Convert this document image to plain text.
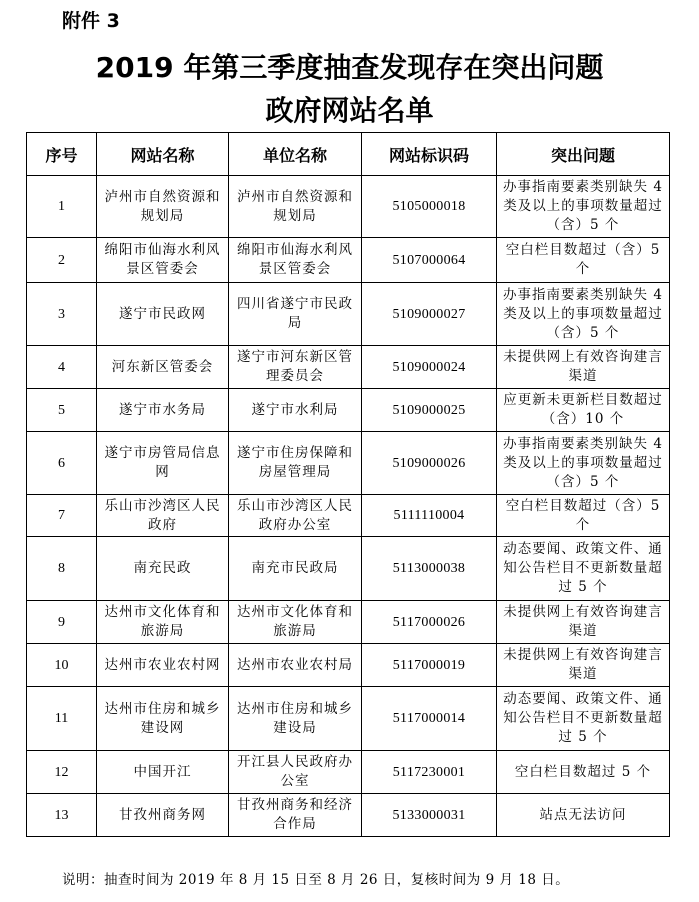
附件 3
2019 年第三季度抽查发现存在突出问题
政府网站名单
序号	网站名称	单位名称	网站标识码	突出问题
1	泸州市自然资源和规划局	泸州市自然资源和规划局	5105000018	办事指南要素类别缺失 4 类及以上的事项数量超过（含）5 个
2	绵阳市仙海水利风景区管委会	绵阳市仙海水利风景区管委会	5107000064	空白栏目数超过（含）5 个
3	遂宁市民政网	四川省遂宁市民政局	5109000027	办事指南要素类别缺失 4 类及以上的事项数量超过（含）5 个
4	河东新区管委会	遂宁市河东新区管理委员会	5109000024	未提供网上有效咨询建言渠道
5	遂宁市水务局	遂宁市水利局	5109000025	应更新未更新栏目数超过（含）10 个
6	遂宁市房管局信息网	遂宁市住房保障和房屋管理局	5109000026	办事指南要素类别缺失 4 类及以上的事项数量超过（含）5 个
7	乐山市沙湾区人民政府	乐山市沙湾区人民政府办公室	5111110004	空白栏目数超过（含）5 个
8	南充民政	南充市民政局	5113000038	动态要闻、政策文件、通知公告栏目不更新数量超过 5 个
9	达州市文化体育和旅游局	达州市文化体育和旅游局	5117000026	未提供网上有效咨询建言渠道
10	达州市农业农村网	达州市农业农村局	5117000019	未提供网上有效咨询建言渠道
11	达州市住房和城乡建设网	达州市住房和城乡建设局	5117000014	动态要闻、政策文件、通知公告栏目不更新数量超过 5 个
12	中国开江	开江县人民政府办公室	5117230001	空白栏目数超过 5 个
13	甘孜州商务网	甘孜州商务和经济合作局	5133000031	站点无法访问
说明：抽查时间为 2019 年 8 月 15 日至 8 月 26 日，复核时间为 9 月 18 日。
